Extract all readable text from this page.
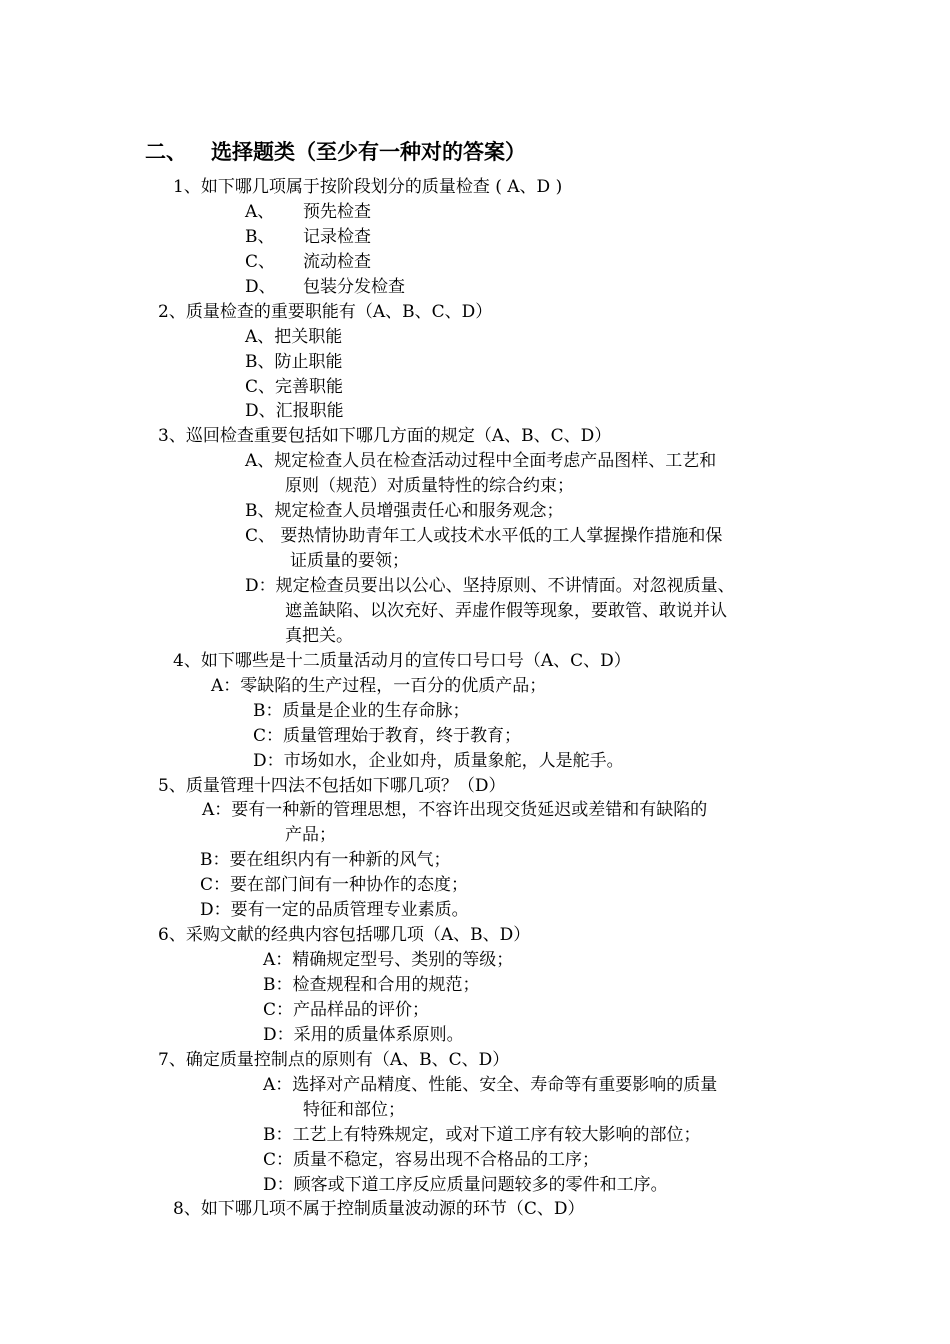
二、 选择题类（至少有一种对的答案）
1、如下哪几项属于按阶段划分的质量检查 ( A、D )
A、 预先检查
B、 记录检查
C、 流动检查
D、 包装分发检查
2、质量检查的重要职能有（A、B、C、D）
A、把关职能
B、防止职能
C、完善职能
D、汇报职能
3、巡回检查重要包括如下哪几方面的规定（A、B、C、D）
A、规定检查人员在检查活动过程中全面考虑产品图样、工艺和
原则（规范）对质量特性的综合约束；
B、规定检查人员增强责任心和服务观念；
C、 要热情协助青年工人或技术水平低的工人掌握操作措施和保
证质量的要领；
D：规定检查员要出以公心、坚持原则、不讲情面。对忽视质量、
遮盖缺陷、以次充好、弄虚作假等现象，要敢管、敢说并认
真把关。
4、如下哪些是十二质量活动月的宣传口号口号（A、C、D）
A：零缺陷的生产过程，一百分的优质产品；
B：质量是企业的生存命脉；
C：质量管理始于教育，终于教育；
D：市场如水，企业如舟，质量象舵，人是舵手。
5、质量管理十四法不包括如下哪几项？（D）
A：要有一种新的管理思想，不容许出现交货延迟或差错和有缺陷的
产品；
B：要在组织内有一种新的风气；
C：要在部门间有一种协作的态度；
D：要有一定的品质管理专业素质。
6、采购文献的经典内容包括哪几项（A、B、D）
A：精确规定型号、类别的等级；
B：检查规程和合用的规范；
C：产品样品的评价；
D：采用的质量体系原则。
7、确定质量控制点的原则有（A、B、C、D）
A：选择对产品精度、性能、安全、寿命等有重要影响的质量
特征和部位；
B：工艺上有特殊规定，或对下道工序有较大影响的部位；
C：质量不稳定，容易出现不合格品的工序；
D：顾客或下道工序反应质量问题较多的零件和工序。
8、如下哪几项不属于控制质量波动源的环节（C、D）
